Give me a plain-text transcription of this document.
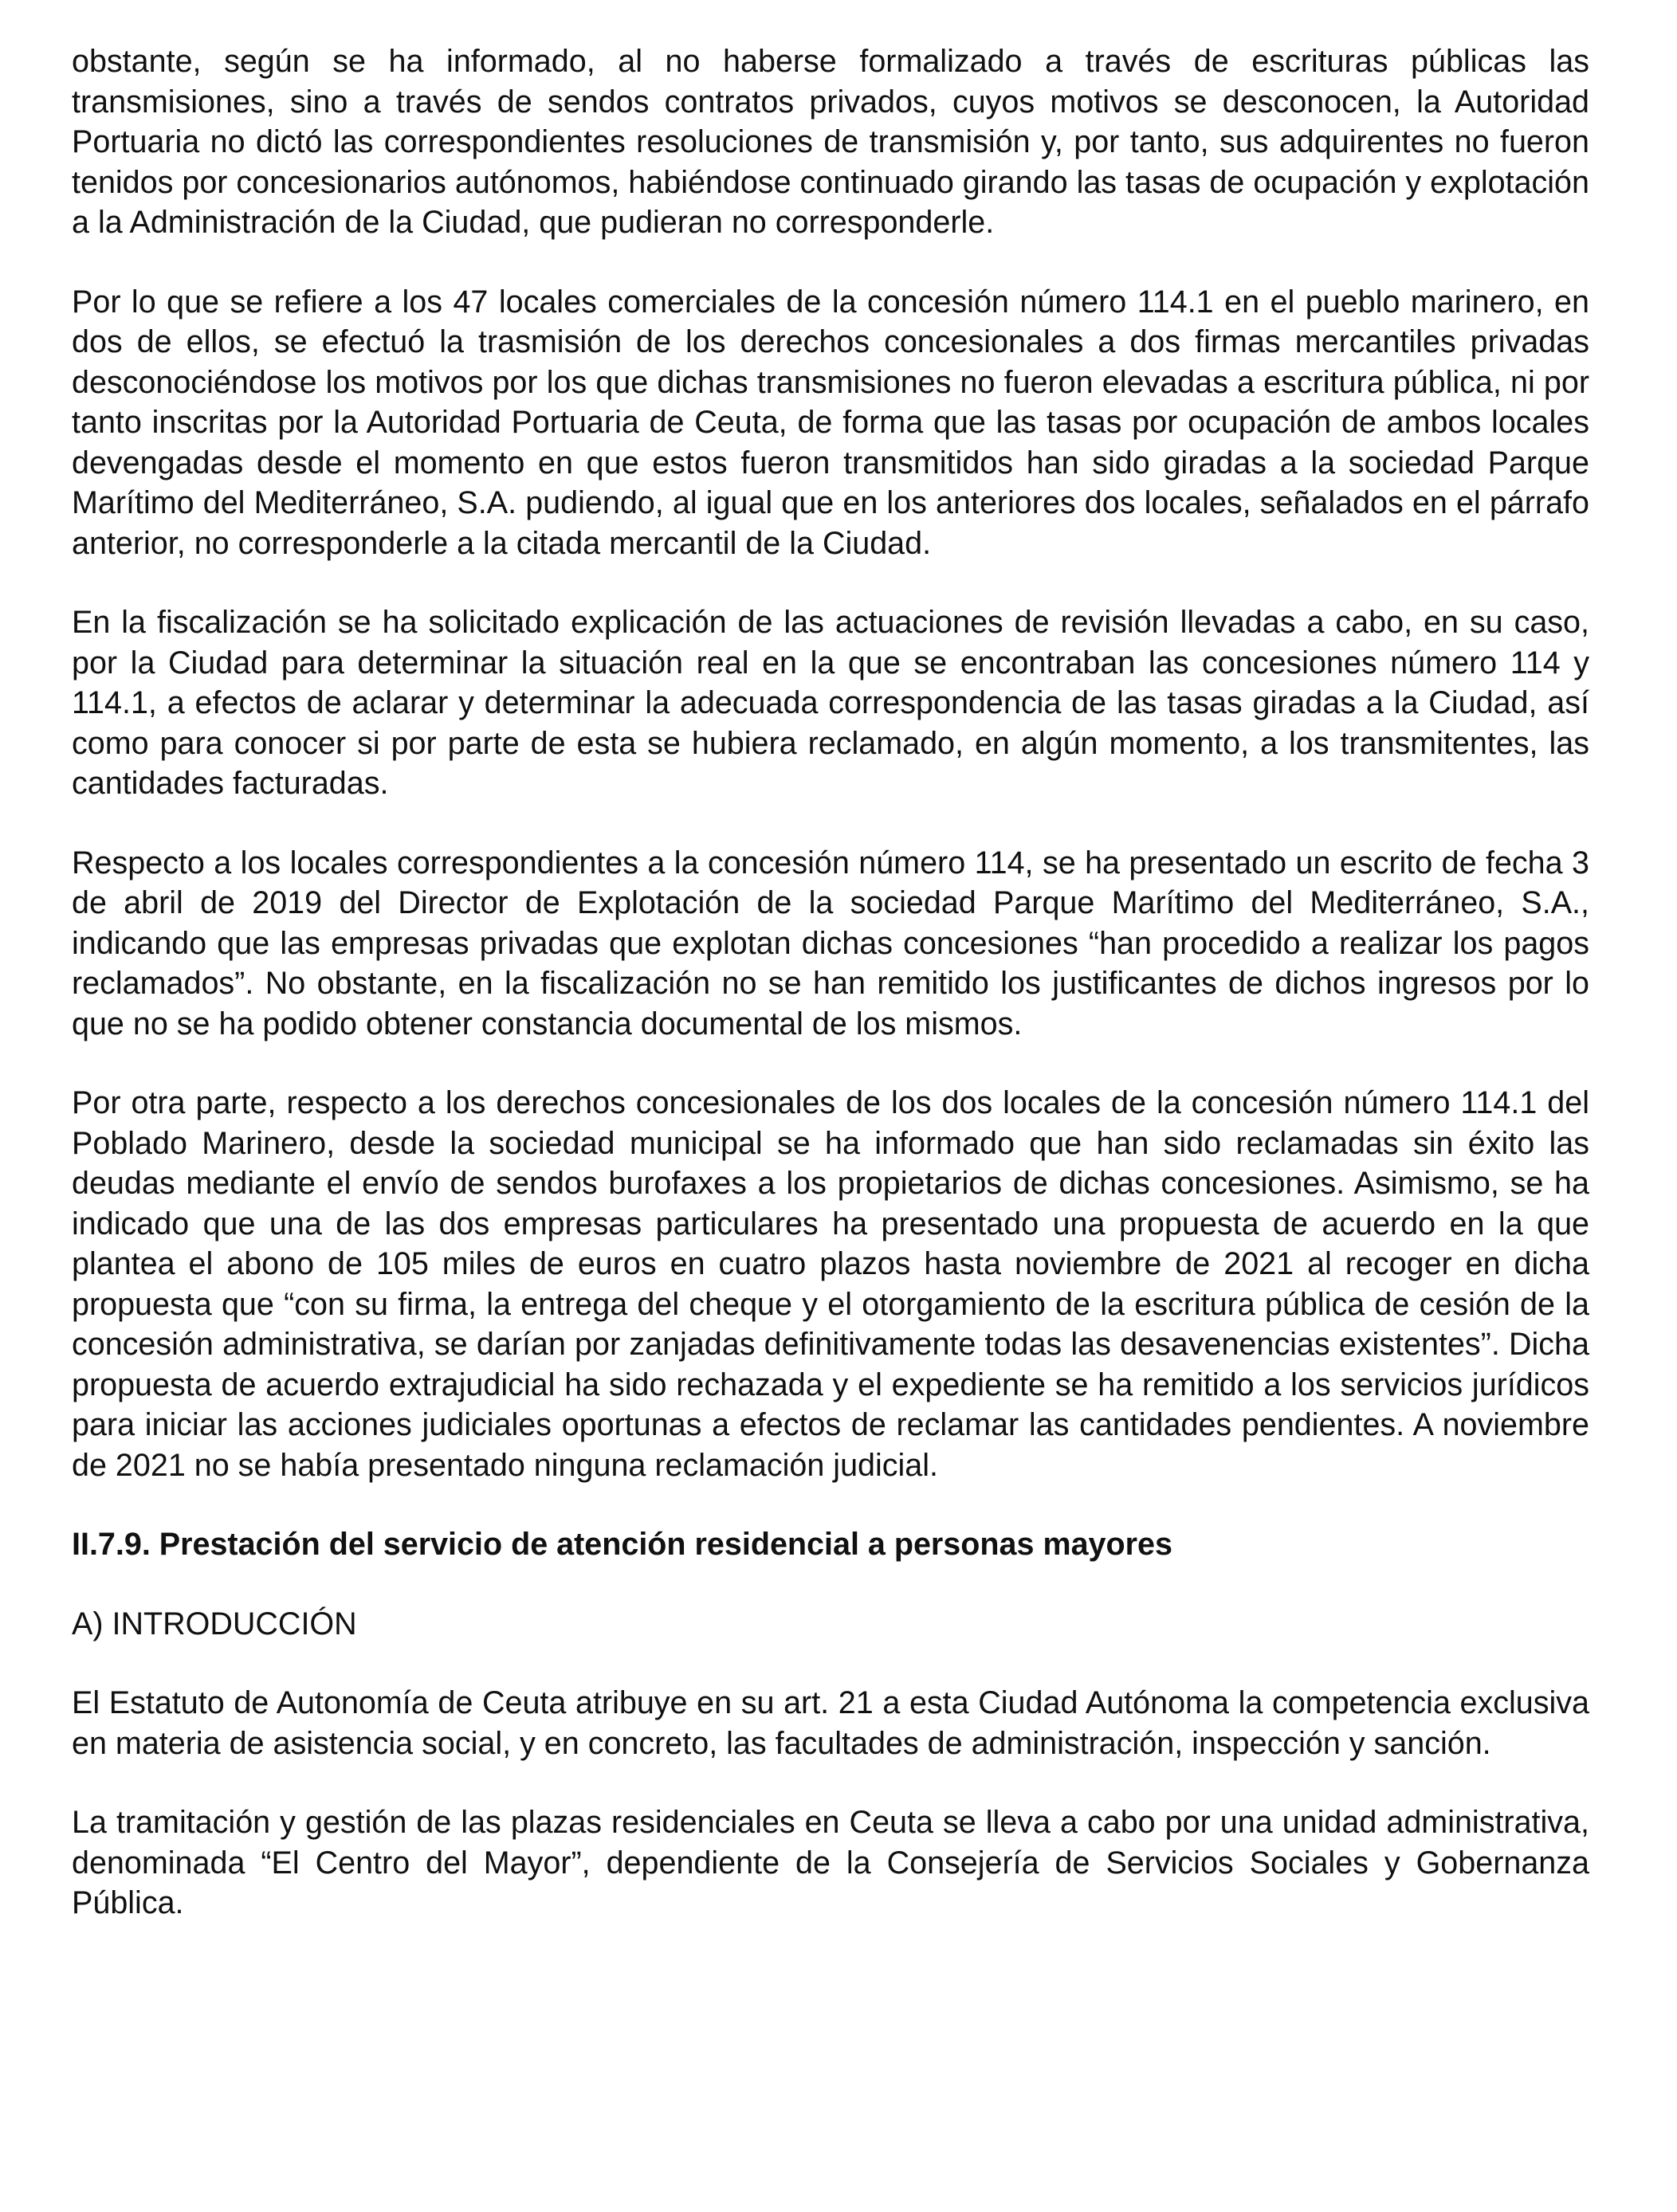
obstante, según se ha informado, al no haberse formalizado a través de escrituras públicas las transmisiones, sino a través de sendos contratos privados, cuyos motivos se desconocen, la Autoridad Portuaria no dictó las correspondientes resoluciones de transmisión y, por tanto, sus adquirentes no fueron tenidos por concesionarios autónomos, habiéndose continuado girando las tasas de ocupación y explotación a la Administración de la Ciudad, que pudieran no corresponderle.

Por lo que se refiere a los 47 locales comerciales de la concesión número 114.1 en el pueblo marinero, en dos de ellos, se efectuó la trasmisión de los derechos concesionales a dos firmas mercantiles privadas desconociéndose los motivos por los que dichas transmisiones no fueron elevadas a escritura pública, ni por tanto inscritas por la Autoridad Portuaria de Ceuta, de forma que las tasas por ocupación de ambos locales devengadas desde el momento en que estos fueron transmitidos han sido giradas a la sociedad Parque Marítimo del Mediterráneo, S.A. pudiendo, al igual que en los anteriores dos locales, señalados en el párrafo anterior, no corresponderle a la citada mercantil de la Ciudad.

En la fiscalización se ha solicitado explicación de las actuaciones de revisión llevadas a cabo, en su caso, por la Ciudad para determinar la situación real en la que se encontraban las concesiones número 114 y 114.1, a efectos de aclarar y determinar la adecuada correspondencia de las tasas giradas a la Ciudad, así como para conocer si por parte de esta se hubiera reclamado, en algún momento, a los transmitentes, las cantidades facturadas.

Respecto a los locales correspondientes a la concesión número 114, se ha presentado un escrito de fecha 3 de abril de 2019 del Director de Explotación de la sociedad Parque Marítimo del Mediterráneo, S.A., indicando que las empresas privadas que explotan dichas concesiones “han procedido a realizar los pagos reclamados”. No obstante, en la fiscalización no se han remitido los justificantes de dichos ingresos por lo que no se ha podido obtener constancia documental de los mismos.

Por otra parte, respecto a los derechos concesionales de los dos locales de la concesión número 114.1 del Poblado Marinero, desde la sociedad municipal se ha informado que han sido reclamadas sin éxito las deudas mediante el envío de sendos burofaxes a los propietarios de dichas concesiones. Asimismo, se ha indicado que una de las dos empresas particulares ha presentado una propuesta de acuerdo en la que plantea el abono de 105 miles de euros en cuatro plazos hasta noviembre de 2021 al recoger en dicha propuesta que “con su firma, la entrega del cheque y el otorgamiento de la escritura pública de cesión de la concesión administrativa, se darían por zanjadas definitivamente todas las desavenencias existentes”. Dicha propuesta de acuerdo extrajudicial ha sido rechazada y el expediente se ha remitido a los servicios jurídicos para iniciar las acciones judiciales oportunas a efectos de reclamar las cantidades pendientes. A noviembre de 2021 no se había presentado ninguna reclamación judicial.

II.7.9. Prestación del servicio de atención residencial a personas mayores

A) INTRODUCCIÓN

El Estatuto de Autonomía de Ceuta atribuye en su art. 21 a esta Ciudad Autónoma la competencia exclusiva en materia de asistencia social, y en concreto, las facultades de administración, inspección y sanción.

La tramitación y gestión de las plazas residenciales en Ceuta se lleva a cabo por una unidad administrativa, denominada “El Centro del Mayor”, dependiente de la Consejería de Servicios Sociales y Gobernanza Pública.
